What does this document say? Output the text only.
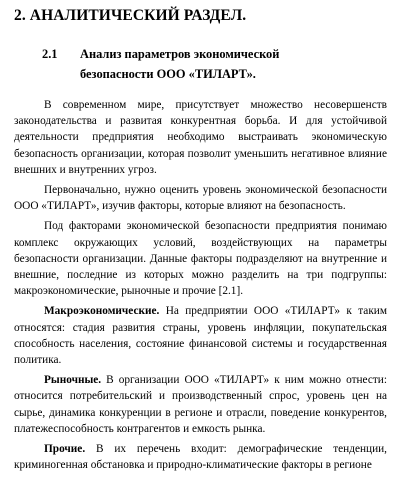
2. АНАЛИТИЧЕСКИЙ РАЗДЕЛ.
2.1	Анализ параметров экономической безопасности ООО «ТИЛАРТ».

В современном мире, присутствует множество несовершенств законодательства и развитая конкурентная борьба. И для устойчивой деятельности предприятия необходимо выстраивать экономическую безопасность организации, которая позволит уменьшить негативное влияние внешних и внутренних угроз.

Первоначально, нужно оценить уровень экономической безопасности ООО «ТИЛАРТ», изучив факторы, которые влияют на безопасность.

Под факторами экономической безопасности предприятия понимаю комплекс окружающих условий, воздействующих на параметры безопасности организации. Данные факторы подразделяют на внутренние и внешние, последние из которых можно разделить на три подгруппы: макроэкономические, рыночные и прочие [2.1].

Макроэкономические. На предприятии ООО «ТИЛАРТ» к таким относятся: стадия развития страны, уровень инфляции, покупательская способность населения, состояние финансовой системы и государственная политика.

Рыночные. В организации ООО «ТИЛАРТ» к ним можно отнести: относится потребительский и производственный спрос, уровень цен на сырье, динамика конкуренции в регионе и отрасли, поведение конкурентов, платежеспособность контрагентов и емкость рынка.

Прочие. В их перечень входит: демографические тенденции, криминогенная обстановка и природно-климатические факторы в регионе
